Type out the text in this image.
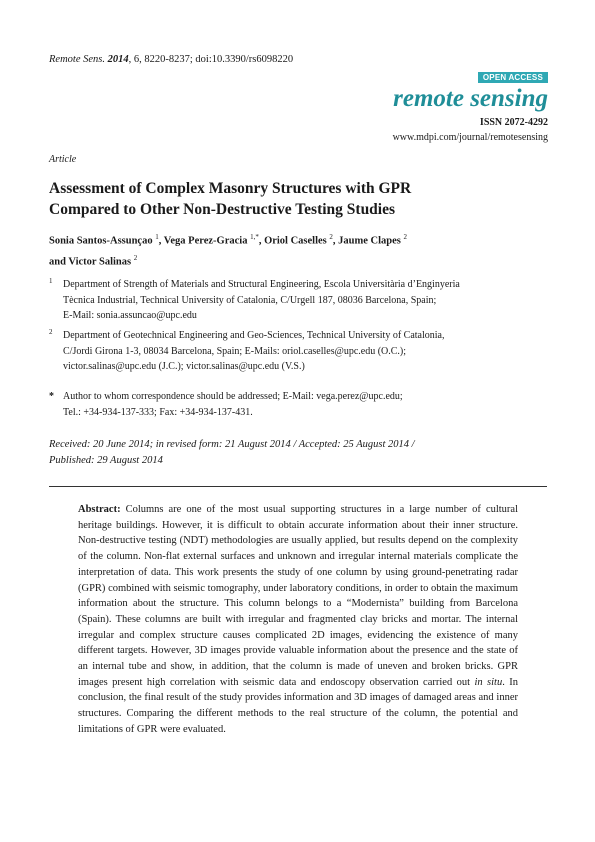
Remote Sens. 2014, 6, 8220-8237; doi:10.3390/rs6098220
OPEN ACCESS
remote sensing
ISSN 2072-4292
www.mdpi.com/journal/remotesensing
Article
Assessment of Complex Masonry Structures with GPR
Compared to Other Non-Destructive Testing Studies
Sonia Santos-Assunçao $^1$, Vega Perez-Gracia $^{1,*}$, Oriol Caselles $^2$, Jaume Clapes $^2$
and Victor Salinas $^2$
1 Department of Strength of Materials and Structural Engineering, Escola Universitària d’Enginyeria
Tècnica Industrial, Technical University of Catalonia, C/Urgell 187, 08036 Barcelona, Spain;
E-Mail: sonia.assuncao@upc.edu
2 Department of Geotechnical Engineering and Geo-Sciences, Technical University of Catalonia,
C/Jordi Girona 1-3, 08034 Barcelona, Spain; E-Mails: oriol.caselles@upc.edu (O.C.);
victor.salinas@upc.edu (J.C.); victor.salinas@upc.edu (V.S.)
* Author to whom correspondence should be addressed; E-Mail: vega.perez@upc.edu;
Tel.: +34-934-137-333; Fax: +34-934-137-431.
Received: 20 June 2014; in revised form: 21 August 2014 / Accepted: 25 August 2014 /
Published: 29 August 2014
Abstract: Columns are one of the most usual supporting structures in a large number of cultural heritage buildings. However, it is difficult to obtain accurate information about their inner structure. Non-destructive testing (NDT) methodologies are usually applied, but results depend on the complexity of the column. Non-flat external surfaces and unknown and irregular internal materials complicate the interpretation of data. This work presents the study of one column by using ground-penetrating radar (GPR) combined with seismic tomography, under laboratory conditions, in order to obtain the maximum information about the structure. This column belongs to a “Modernista” building from Barcelona (Spain). These columns are built with irregular and fragmented clay bricks and mortar. The internal irregular and complex structure causes complicated 2D images, evidencing the existence of many different targets. However, 3D images provide valuable information about the presence and the state of an internal tube and show, in addition, that the column is made of uneven and broken bricks. GPR images present high correlation with seismic data and endoscopy observation carried out in situ. In conclusion, the final result of the study provides information and 3D images of damaged areas and inner structures. Comparing the different methods to the real structure of the column, the potential and limitations of GPR were evaluated.
